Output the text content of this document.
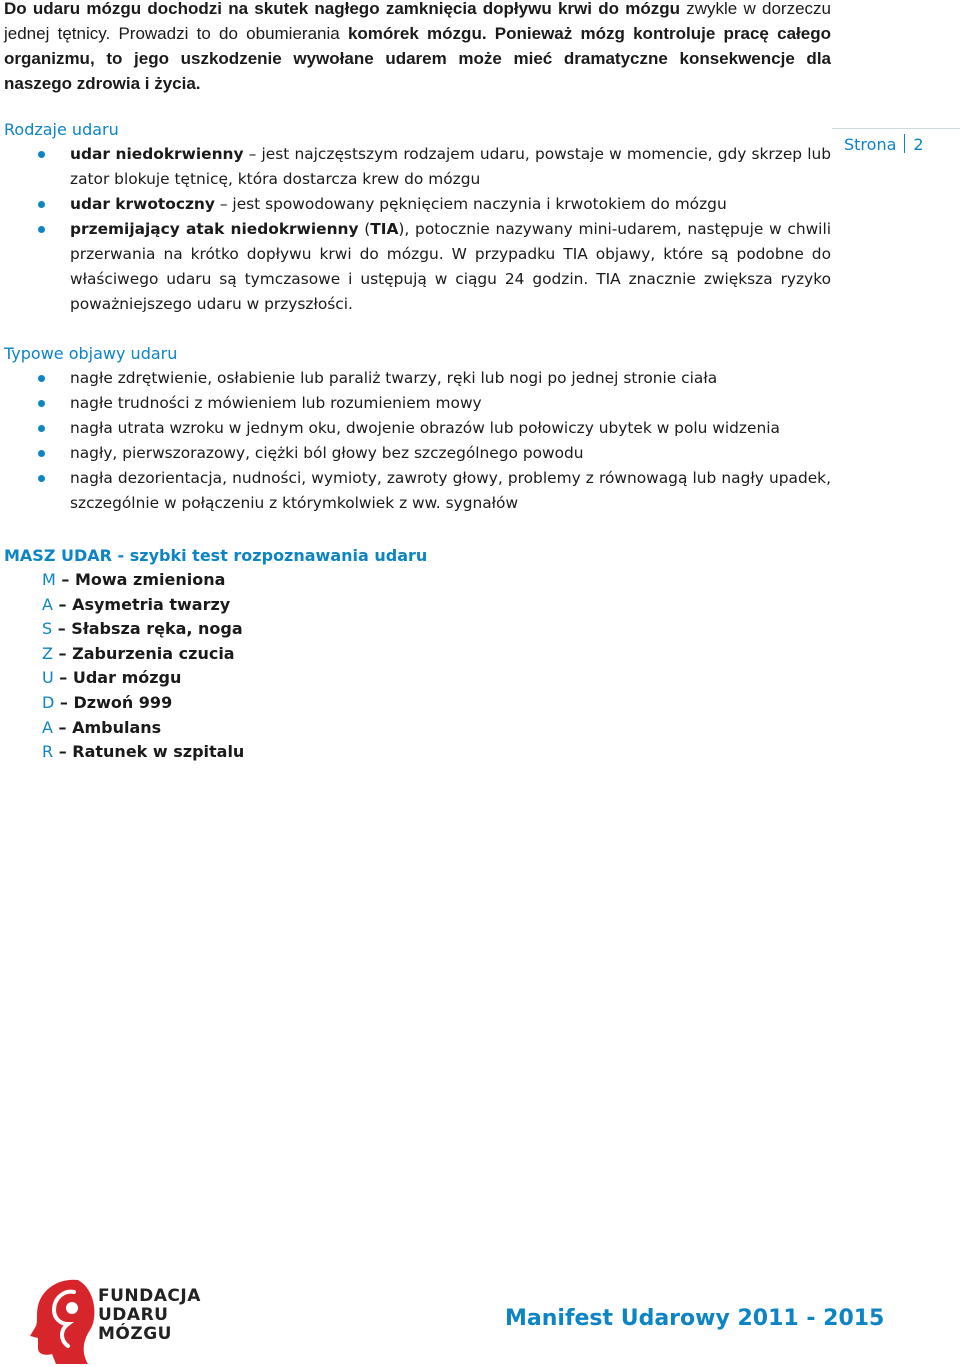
Do udaru mózgu dochodzi na skutek nagłego zamknięcia dopływu krwi do mózgu zwykle w dorzeczu jednej tętnicy. Prowadzi to do obumierania komórek mózgu. Ponieważ mózg kontroluje pracę całego organizmu, to jego uszkodzenie wywołane udarem może mieć dramatyczne konsekwencje dla naszego zdrowia i życia.
Strona 2
Rodzaje udaru
udar niedokrwienny – jest najczęstszym rodzajem udaru, powstaje w momencie, gdy skrzep lub zator blokuje tętnicę, która dostarcza krew do mózgu
udar krwotoczny – jest spowodowany pęknięciem naczynia i krwotokiem do mózgu
przemijający atak niedokrwienny (TIA), potocznie nazywany mini-udarem, następuje w chwili przerwania na krótko dopływu krwi do mózgu. W przypadku TIA objawy, które są podobne do właściwego udaru są tymczasowe i ustępują w ciągu 24 godzin. TIA znacznie zwiększa ryzyko poważniejszego udaru w przyszłości.
Typowe objawy udaru
nagłe zdrętwienie, osłabienie lub paraliż twarzy, ręki lub nogi po jednej stronie ciała
nagłe trudności z mówieniem lub rozumieniem mowy
nagła utrata wzroku w jednym oku, dwojenie obrazów lub połowiczy ubytek w polu widzenia
nagły, pierwszorazowy, ciężki ból głowy bez szczególnego powodu
nagła dezorientacja, nudności, wymioty, zawroty głowy, problemy z równowagą lub nagły upadek, szczególnie w połączeniu z którymkolwiek z ww. sygnałów
MASZ UDAR - szybki test rozpoznawania udaru
M – Mowa zmieniona
A – Asymetria twarzy
S – Słabsza ręka, noga
Z – Zaburzenia czucia
U – Udar mózgu
D – Dzwoń 999
A – Ambulans
R – Ratunek w szpitalu
FUNDACJA
UDARU
MÓZGU
Manifest Udarowy 2011 - 2015
